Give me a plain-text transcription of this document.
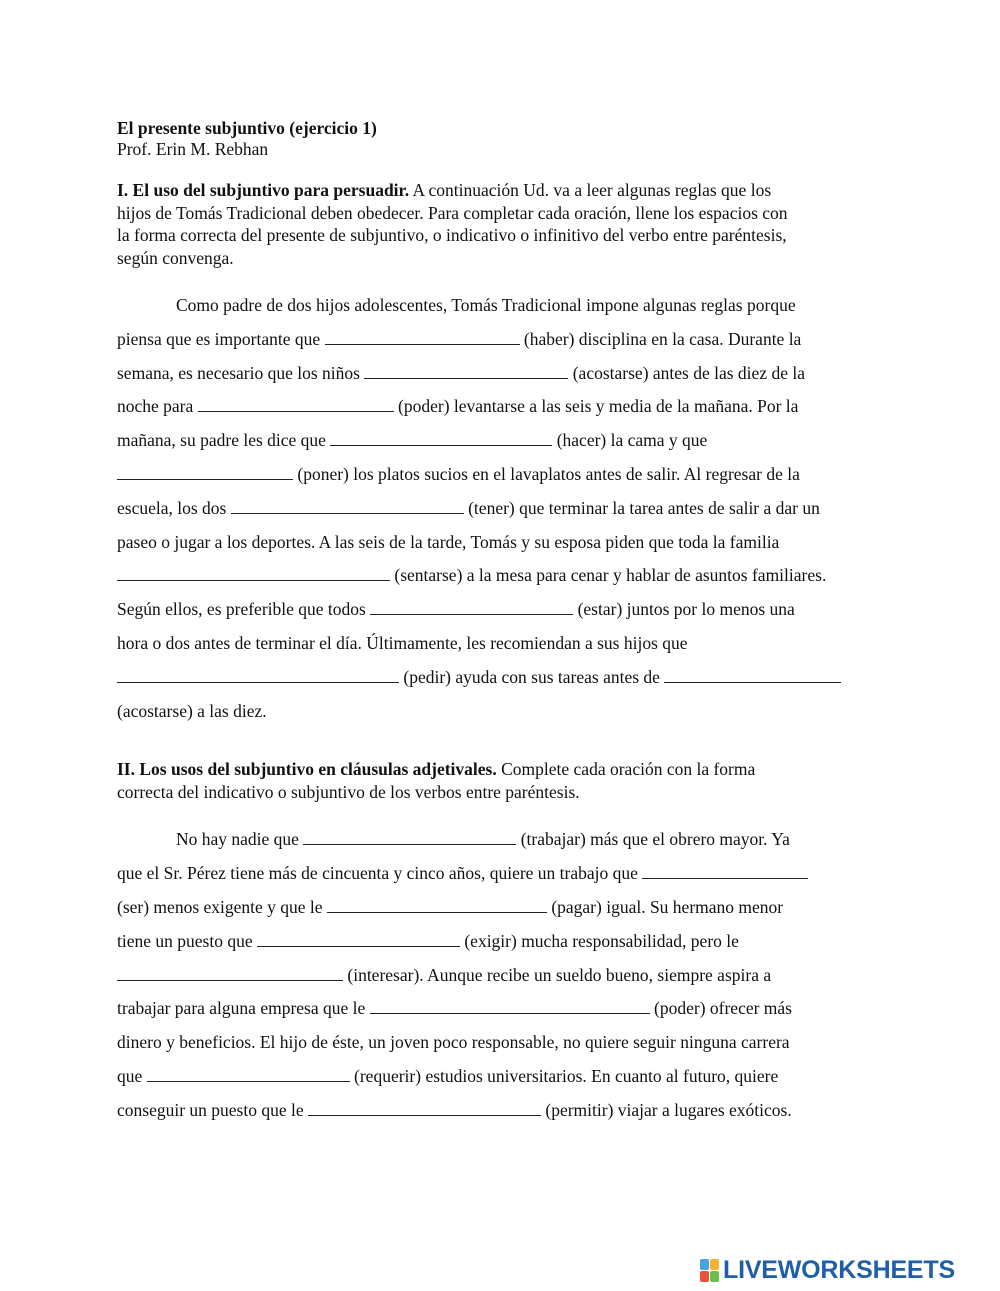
El presente subjuntivo (ejercicio 1)
Prof. Erin M. Rebhan
I. El uso del subjuntivo para persuadir. A continuación Ud. va a leer algunas reglas que los
hijos de Tomás Tradicional deben obedecer. Para completar cada oración, llene los espacios con
la forma correcta del presente de subjuntivo, o indicativo o infinitivo del verbo entre paréntesis,
según convenga.
Como padre de dos hijos adolescentes, Tomás Tradicional impone algunas reglas porque
piensa que es importante que	(haber) disciplina en la casa. Durante la
semana, es necesario que los niños	(acostarse) antes de las diez de la
noche para	(poder) levantarse a las seis y media de la mañana. Por la
mañana, su padre les dice que	(hacer) la cama y que
(poner) los platos sucios en el lavaplatos antes de salir. Al regresar de la
escuela, los dos	(tener) que terminar la tarea antes de salir a dar un
paseo o jugar a los deportes. A las seis de la tarde, Tomás y su esposa piden que toda la familia
(sentarse) a la mesa para cenar y hablar de asuntos familiares.
Según ellos, es preferible que todos	(estar) juntos por lo menos una
hora o dos antes de terminar el día. Últimamente, les recomiendan a sus hijos que
(pedir) ayuda con sus tareas antes de
(acostarse) a las diez.
II. Los usos del subjuntivo en cláusulas adjetivales. Complete cada oración con la forma
correcta del indicativo o subjuntivo de los verbos entre paréntesis.
No hay nadie que	(trabajar) más que el obrero mayor. Ya
que el Sr. Pérez tiene más de cincuenta y cinco años, quiere un trabajo que
(ser) menos exigente y que le	(pagar) igual. Su hermano menor
tiene un puesto que	(exigir) mucha responsabilidad, pero le
(interesar). Aunque recibe un sueldo bueno, siempre aspira a
trabajar para alguna empresa que le	(poder) ofrecer más
dinero y beneficios. El hijo de éste, un joven poco responsable, no quiere seguir ninguna carrera
que	(requerir) estudios universitarios. En cuanto al futuro, quiere
conseguir un puesto que le	(permitir) viajar a lugares exóticos.
LIVEWORKSHEETS
